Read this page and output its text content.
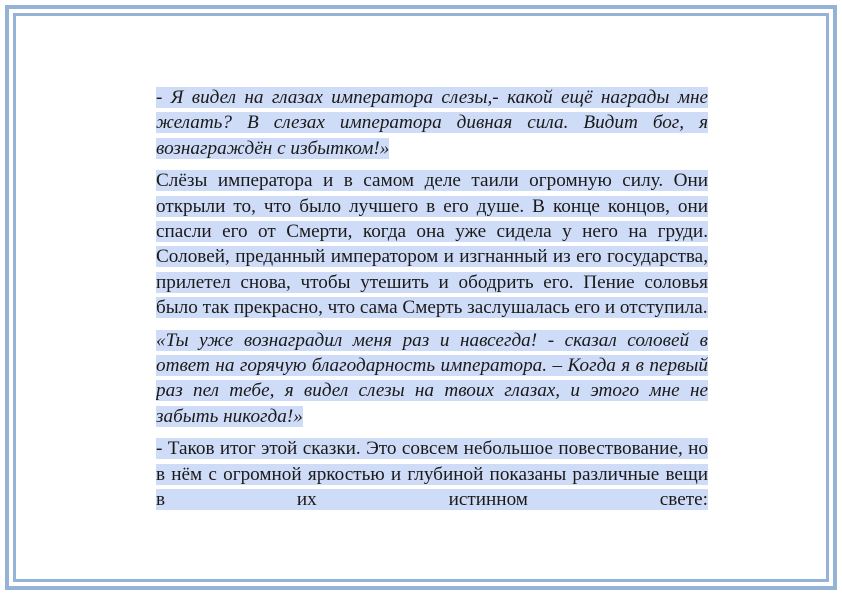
- Я видел на глазах императора слезы,- какой ещё награды мне желать? В слезах императора дивная сила. Видит бог, я вознаграждён с избытком!»

Слёзы императора и в самом деле таили огромную силу. Они открыли то, что было лучшего в его душе. В конце концов, они спасли его от Смерти, когда она уже сидела у него на груди. Соловей, преданный императором и изгнанный из его государства, прилетел снова, чтобы утешить и ободрить его. Пение соловья было так прекрасно, что сама Смерть заслушалась его и отступила.

«Ты уже вознаградил меня раз и навсегда! - сказал соловей в ответ на горячую благодарность императора. – Когда я в первый раз пел тебе, я видел слезы на твоих глазах, и этого мне не забыть никогда!»

- Таков итог этой сказки. Это совсем небольшое повествование, но в нём с огромной яркостью и глубиной показаны различные вещи в их истинном свете:
